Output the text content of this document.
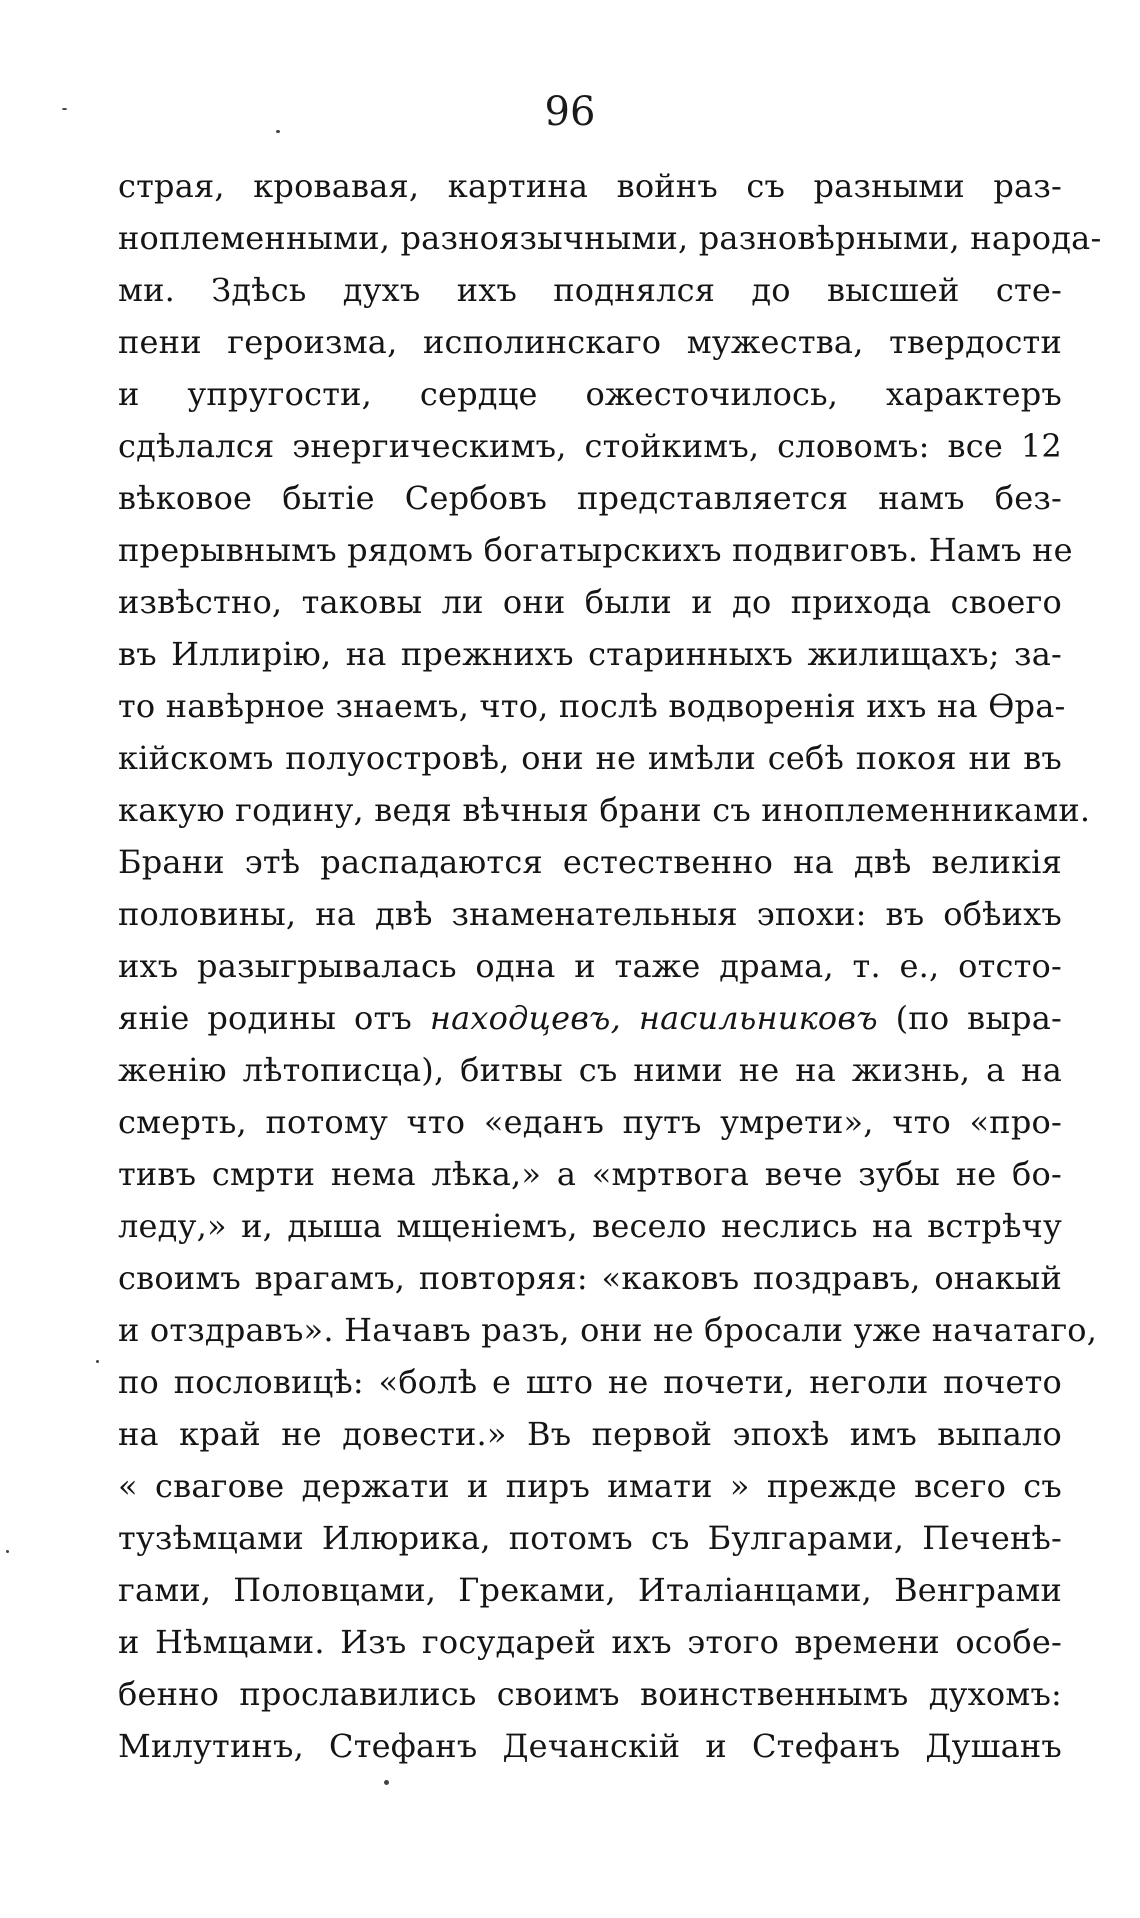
96
страя, кровавая, картина войнъ съ разными раз-
ноплеменными, разноязычными, разновѣрными, народа-
ми. Здѣсь духъ ихъ поднялся до высшей сте-
пени героизма, исполинскаго мужества, твердости
и упругости, сердце ожесточилось, характеръ
сдѣлался энергическимъ, стойкимъ, словомъ: все 12
вѣковое бытіе Сербовъ представляется намъ без-
прерывнымъ рядомъ богатырскихъ подвиговъ. Намъ не
извѣстно, таковы ли они были и до прихода своего
въ Иллирію, на прежнихъ старинныхъ жилищахъ; за-
то навѣрное знаемъ, что, послѣ водворенія ихъ на Ѳра-
кійскомъ полуостровѣ, они не имѣли себѣ покоя ни въ
какую годину, ведя вѣчныя брани съ иноплеменниками.
Брани этѣ распадаются естественно на двѣ великія
половины, на двѣ знаменательныя эпохи: въ обѣихъ
ихъ разыгрывалась одна и таже драма, т. е., отсто-
яніе родины отъ находцевъ, насильниковъ (по выра-
женію лѣтописца), битвы съ ними не на жизнь, а на
смерть, потому что «еданъ путъ умрети», что «про-
тивъ смрти нема лѣка,» а «мртвога вече зубы не бо-
леду,» и, дыша мщеніемъ, весело неслись на встрѣчу
своимъ врагамъ, повторяя: «каковъ поздравъ, онакый
и отздравъ». Начавъ разъ, они не бросали уже начатаго,
по пословицѣ: «болѣ е што не почети, неголи почето
на край не довести.» Въ первой эпохѣ имъ выпало
« свагове держати и пиръ имати » прежде всего съ
тузѣмцами Илюрика, потомъ съ Булгарами, Печенѣ-
гами, Половцами, Греками, Италіанцами, Венграми
и Нѣмцами. Изъ государей ихъ этого времени особе-
бенно прославились своимъ воинственнымъ духомъ:
Милутинъ, Стефанъ Дечанскій и Стефанъ Душанъ
